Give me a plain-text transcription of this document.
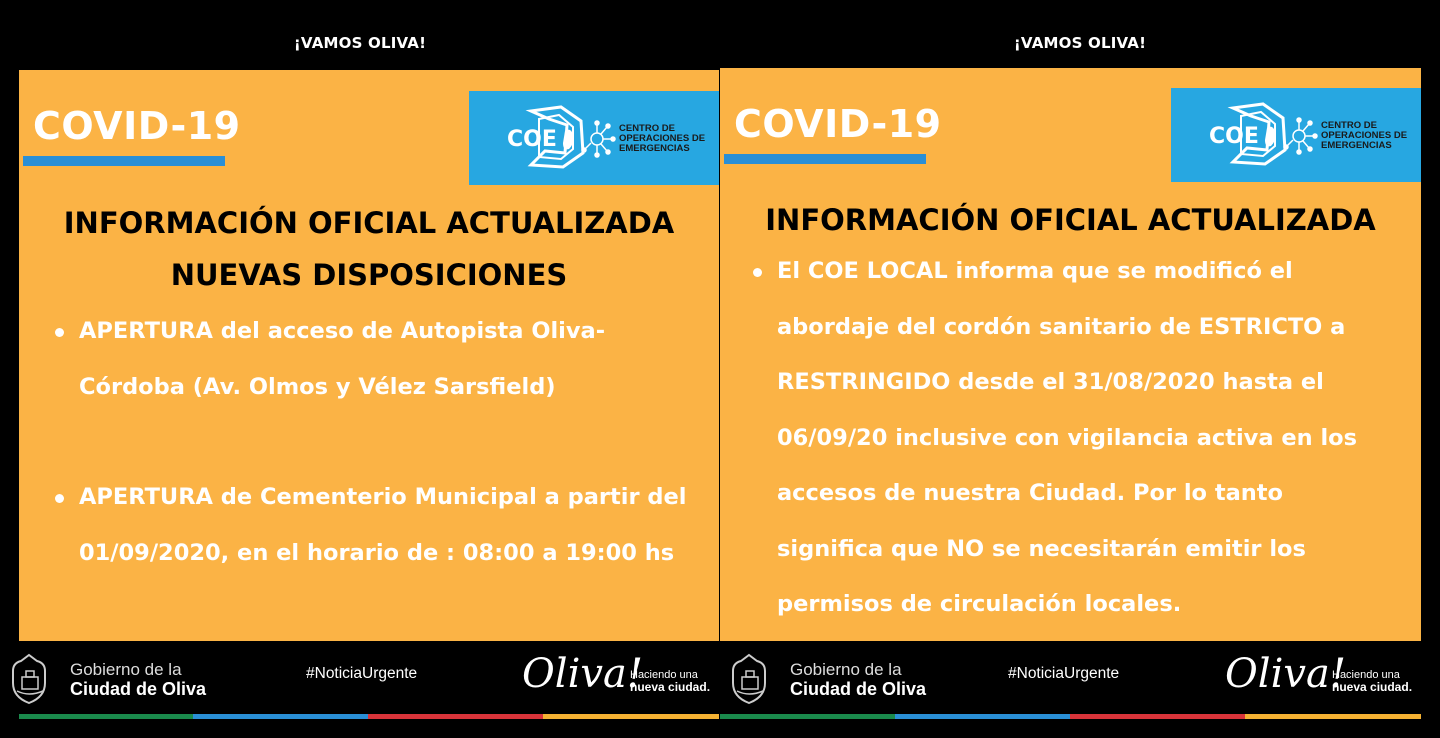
¡VAMOS OLIVA!
COVID-19	COE	CENTRO DE
OPERACIONES DE
EMERGENCIAS
INFORMACIÓN OFICIAL ACTUALIZADA
NUEVAS DISPOSICIONES
APERTURA del acceso de Autopista Oliva-Córdoba (Av. Olmos y Vélez Sarsfield)
APERTURA de Cementerio Municipal a partir del 01/09/2020, en el horario de : 08:00 a 19:00 hs
Gobierno de la
Ciudad de Oliva
#NoticiaUrgente	Oliva!
Haciendo una
nueva ciudad.
¡VAMOS OLIVA!
COVID-19	COE	CENTRO DE
OPERACIONES DE
EMERGENCIAS
INFORMACIÓN OFICIAL ACTUALIZADA
El COE LOCAL informa que se modificó el
abordaje del cordón sanitario de ESTRICTO a
RESTRINGIDO desde el 31/08/2020 hasta el
06/09/20 inclusive con vigilancia activa en los
accesos de nuestra Ciudad. Por lo tanto
significa que NO se necesitarán emitir los
permisos de circulación locales.
Gobierno de la
Ciudad de Oliva
#NoticiaUrgente	Oliva!
Haciendo una
nueva ciudad.
